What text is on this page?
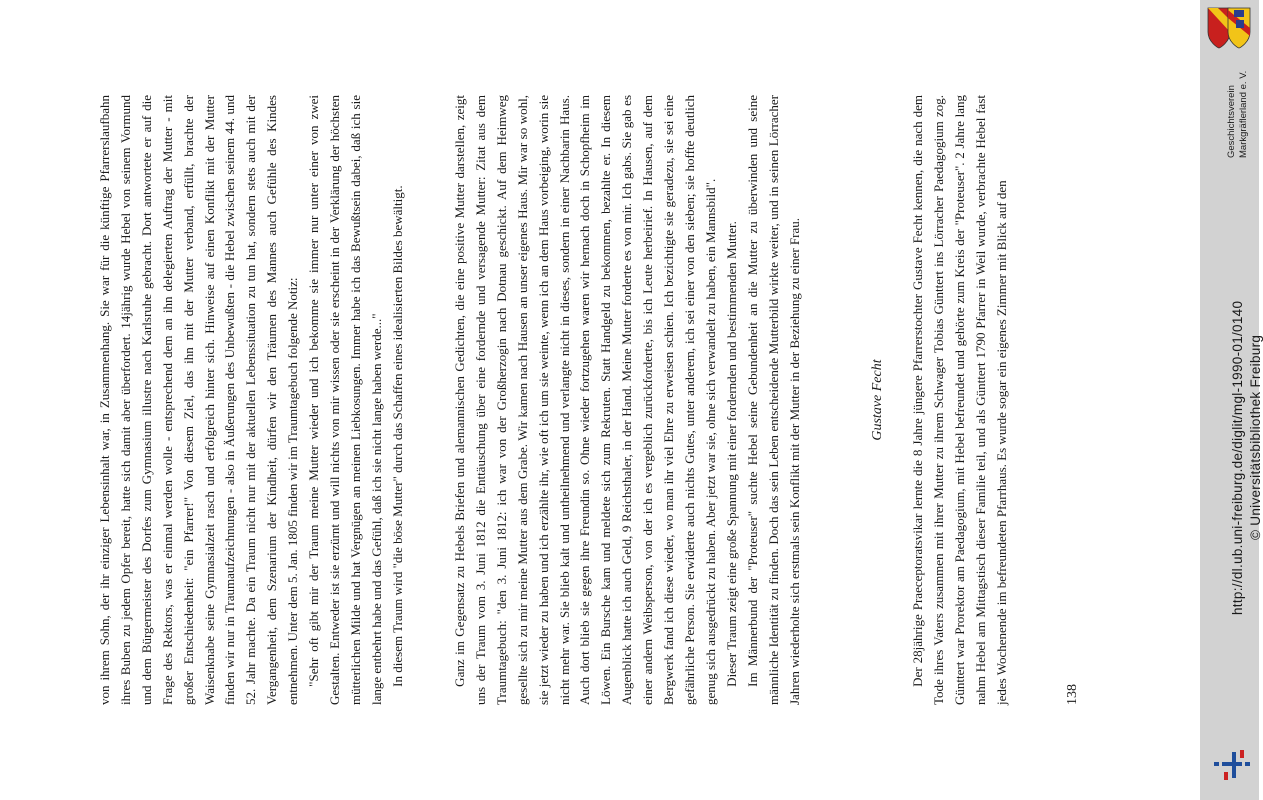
von ihrem Sohn, der ihr einziger Lebensinhalt war, in Zusammenhang. Sie war für die künftige Pfarrerslaufbahn ihres Buben zu jedem Opfer bereit, hatte sich damit aber überfordert. 14jährig wurde Hebel von seinem Vormund und dem Bürgermeister des Dorfes zum Gymnasium illustre nach Karlsruhe gebracht. Dort antwortete er auf die Frage des Rektors, was er einmal werden wolle - entsprechend dem an ihn delegierten Auftrag der Mutter - mit großer Entschiedenheit: "ein Pfarrer!" Von diesem Ziel, das ihn mit der Mutter verband, erfüllt, brachte der Waisenknabe seine Gymnasialzeit rasch und erfolgreich hinter sich. Hinweise auf einen Konflikt mit der Mutter finden wir nur in Traumaufzeichnungen - also in Äußerungen des Unbewußten - die Hebel zwischen seinem 44. und 52. Jahr machte. Da ein Traum nicht nur mit der aktuellen Lebenssituation zu tun hat, sondern stets auch mit der Vergangenheit, dem Szenarium der Kindheit, dürfen wir den Träumen des Mannes auch Gefühle des Kindes entnehmen. Unter dem 5. Jan. 1805 finden wir im Traumtagebuch folgende Notiz: "Sehr oft gibt mir der Traum meine Mutter wieder und ich bekomme sie immer nur unter einer von zwei Gestalten. Entweder ist sie erzürnt und will nichts von mir wissen oder sie erscheint in der Verklärung der höchsten mütterlichen Milde und hat Vergnügen an meinen Liebkosungen. Immer habe ich das Bewußtsein dabei, daß ich sie lange entbehrt habe und das Gefühl, daß ich sie nicht lange haben werde..." In diesem Traum wird "die böse Mutter" durch das Schaffen eines idealisierten Bildes bewältigt.	Ganz im Gegensatz zu Hebels Briefen und alemannischen Gedichten, die eine positive Mutter darstellen, zeigt uns der Traum vom 3. Juni 1812 die Enttäuschung über eine fordernde und versagende Mutter: Zitat aus dem Traumtagebuch: "den 3. Juni 1812: ich war von der Großherzogin nach Dotnau geschickt. Auf dem Heimweg gesellte sich zu mir meine Mutter aus dem Grabe. Wir kamen nach Hausen an unser eigenes Haus. Mir war so wohl, sie jetzt wieder zu haben und ich erzählte ihr, wie oft ich um sie weinte, wenn ich an dem Haus vorbeiging, worin sie nicht mehr war. Sie blieb kalt und untheilnehmend und verlangte nicht in dieses, sondern in einer Nachbarin Haus. Auch dort blieb sie gegen ihre Freundin so. Ohne wieder fortzugehen waren wir hernach doch in Schopfheim im Löwen. Ein Bursche kam und meldete sich zum Rekruten. Statt Handgeld zu bekommen, bezahlte er. In diesem Augenblick hatte ich auch Geld, 9 Reichsthaler, in der Hand. Meine Mutter forderte es von mir. Ich gabs. Sie gab es einer andern Weibsperson, von der ich es vergeblich zurückforderte, bis ich Leute herbeirief. In Hausen, auf dem Bergwerk fand ich diese wieder, wo man ihr viel Ehre zu erweisen schien. Ich bezichtigte sie geradezu, sie sei eine gefährliche Person. Sie erwiderte auch nichts Gutes, unter anderem, ich sei einer von den sieben; sie hoffte deutlich genug sich ausgedrückt zu haben. Aber jetzt war sie, ohne sich verwandelt zu haben, ein Mannsbild". Dieser Traum zeigt eine große Spannung mit einer fordernden und bestimmenden Mutter. Im Männerbund der "Proteuser" suchte Hebel seine Gebundenheit an die Mutter zu überwinden und seine männliche Identität zu finden. Doch das sein Leben entscheidende Mutterbild wirkte weiter, und in seinen Lörracher Jahren wiederholte sich erstmals sein Konflikt mit der Mutter in der Beziehung zu einer Frau.	Gustave Fecht Der 28jährige Praeceptoratsvikar lernte die 8 Jahre jüngere Pfarrerstochter Gustave Fecht kennen, die nach dem Tode ihres Vaters zusammen mit ihrer Mutter zu ihrem Schwager Tobias Günttert ins Lörracher Paedagogium zog. Günttert war Prorektor am Paedagogium, mit Hebel befreundet und gehörte zum Kreis der "Proteuser". 2 Jahre lang nahm Hebel am Mittagstisch dieser Familie teil, und als Günttert 1790 Pfarrer in Weil wurde, verbrachte Hebel fast jedes Wochenende im befreundeten Pfarrhaus. Es wurde sogar ein eigenes Zimmer mit Blick auf den	138
Geschichtsverein Markgräflerland e. V.
http://dl.ub.uni-freiburg.de/diglit/mgl-1990-01/0140 © Universitätsbibliothek Freiburg
